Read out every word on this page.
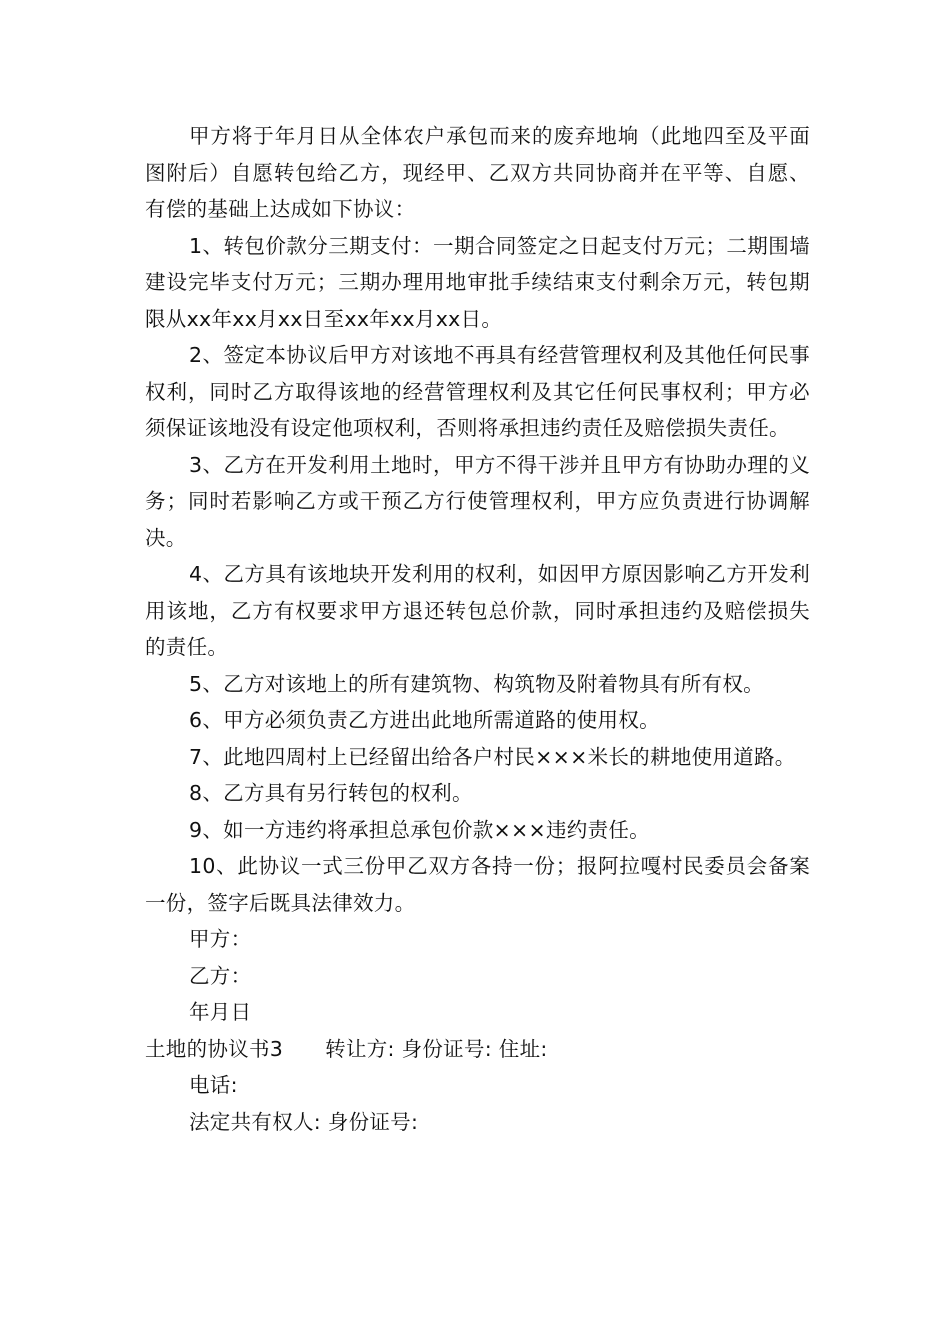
甲方将于年月日从全体农户承包而来的废弃地垧（此地四至及平面图附后）自愿转包给乙方，现经甲、乙双方共同协商并在平等、自愿、有偿的基础上达成如下协议：

1、转包价款分三期支付：一期合同签定之日起支付万元；二期围墙建设完毕支付万元；三期办理用地审批手续结束支付剩余万元，转包期限从xx年xx月xx日至xx年xx月xx日。

2、签定本协议后甲方对该地不再具有经营管理权利及其他任何民事权利，同时乙方取得该地的经营管理权利及其它任何民事权利；甲方必须保证该地没有设定他项权利，否则将承担违约责任及赔偿损失责任。

3、乙方在开发利用土地时，甲方不得干涉并且甲方有协助办理的义务；同时若影响乙方或干预乙方行使管理权利，甲方应负责进行协调解决。

4、乙方具有该地块开发利用的权利，如因甲方原因影响乙方开发利用该地，乙方有权要求甲方退还转包总价款，同时承担违约及赔偿损失的责任。

5、乙方对该地上的所有建筑物、构筑物及附着物具有所有权。

6、甲方必须负责乙方进出此地所需道路的使用权。

7、此地四周村上已经留出给各户村民×××米长的耕地使用道路。

8、乙方具有另行转包的权利。

9、如一方违约将承担总承包价款×××违约责任。

10、此协议一式三份甲乙双方各持一份；报阿拉嘎村民委员会备案一份，签字后既具法律效力。

甲方：

乙方：

年月日

土地的协议书3 转让方: 身份证号: 住址:

电话:

法定共有权人: 身份证号:
